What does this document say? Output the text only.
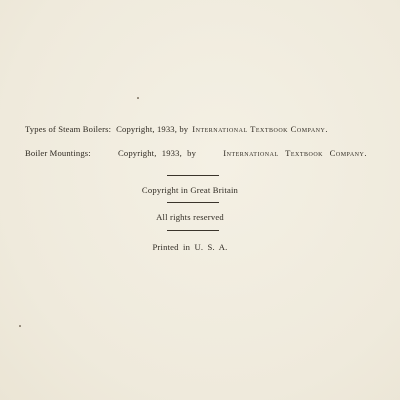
Types of Steam Boilers: Copyright, 1933, by International Textbook Company.
Boiler Mountings:	Copyright, 1933, by	International Textbook Company.
Copyright in Great Britain
All rights reserved
Printed in U. S. A.
